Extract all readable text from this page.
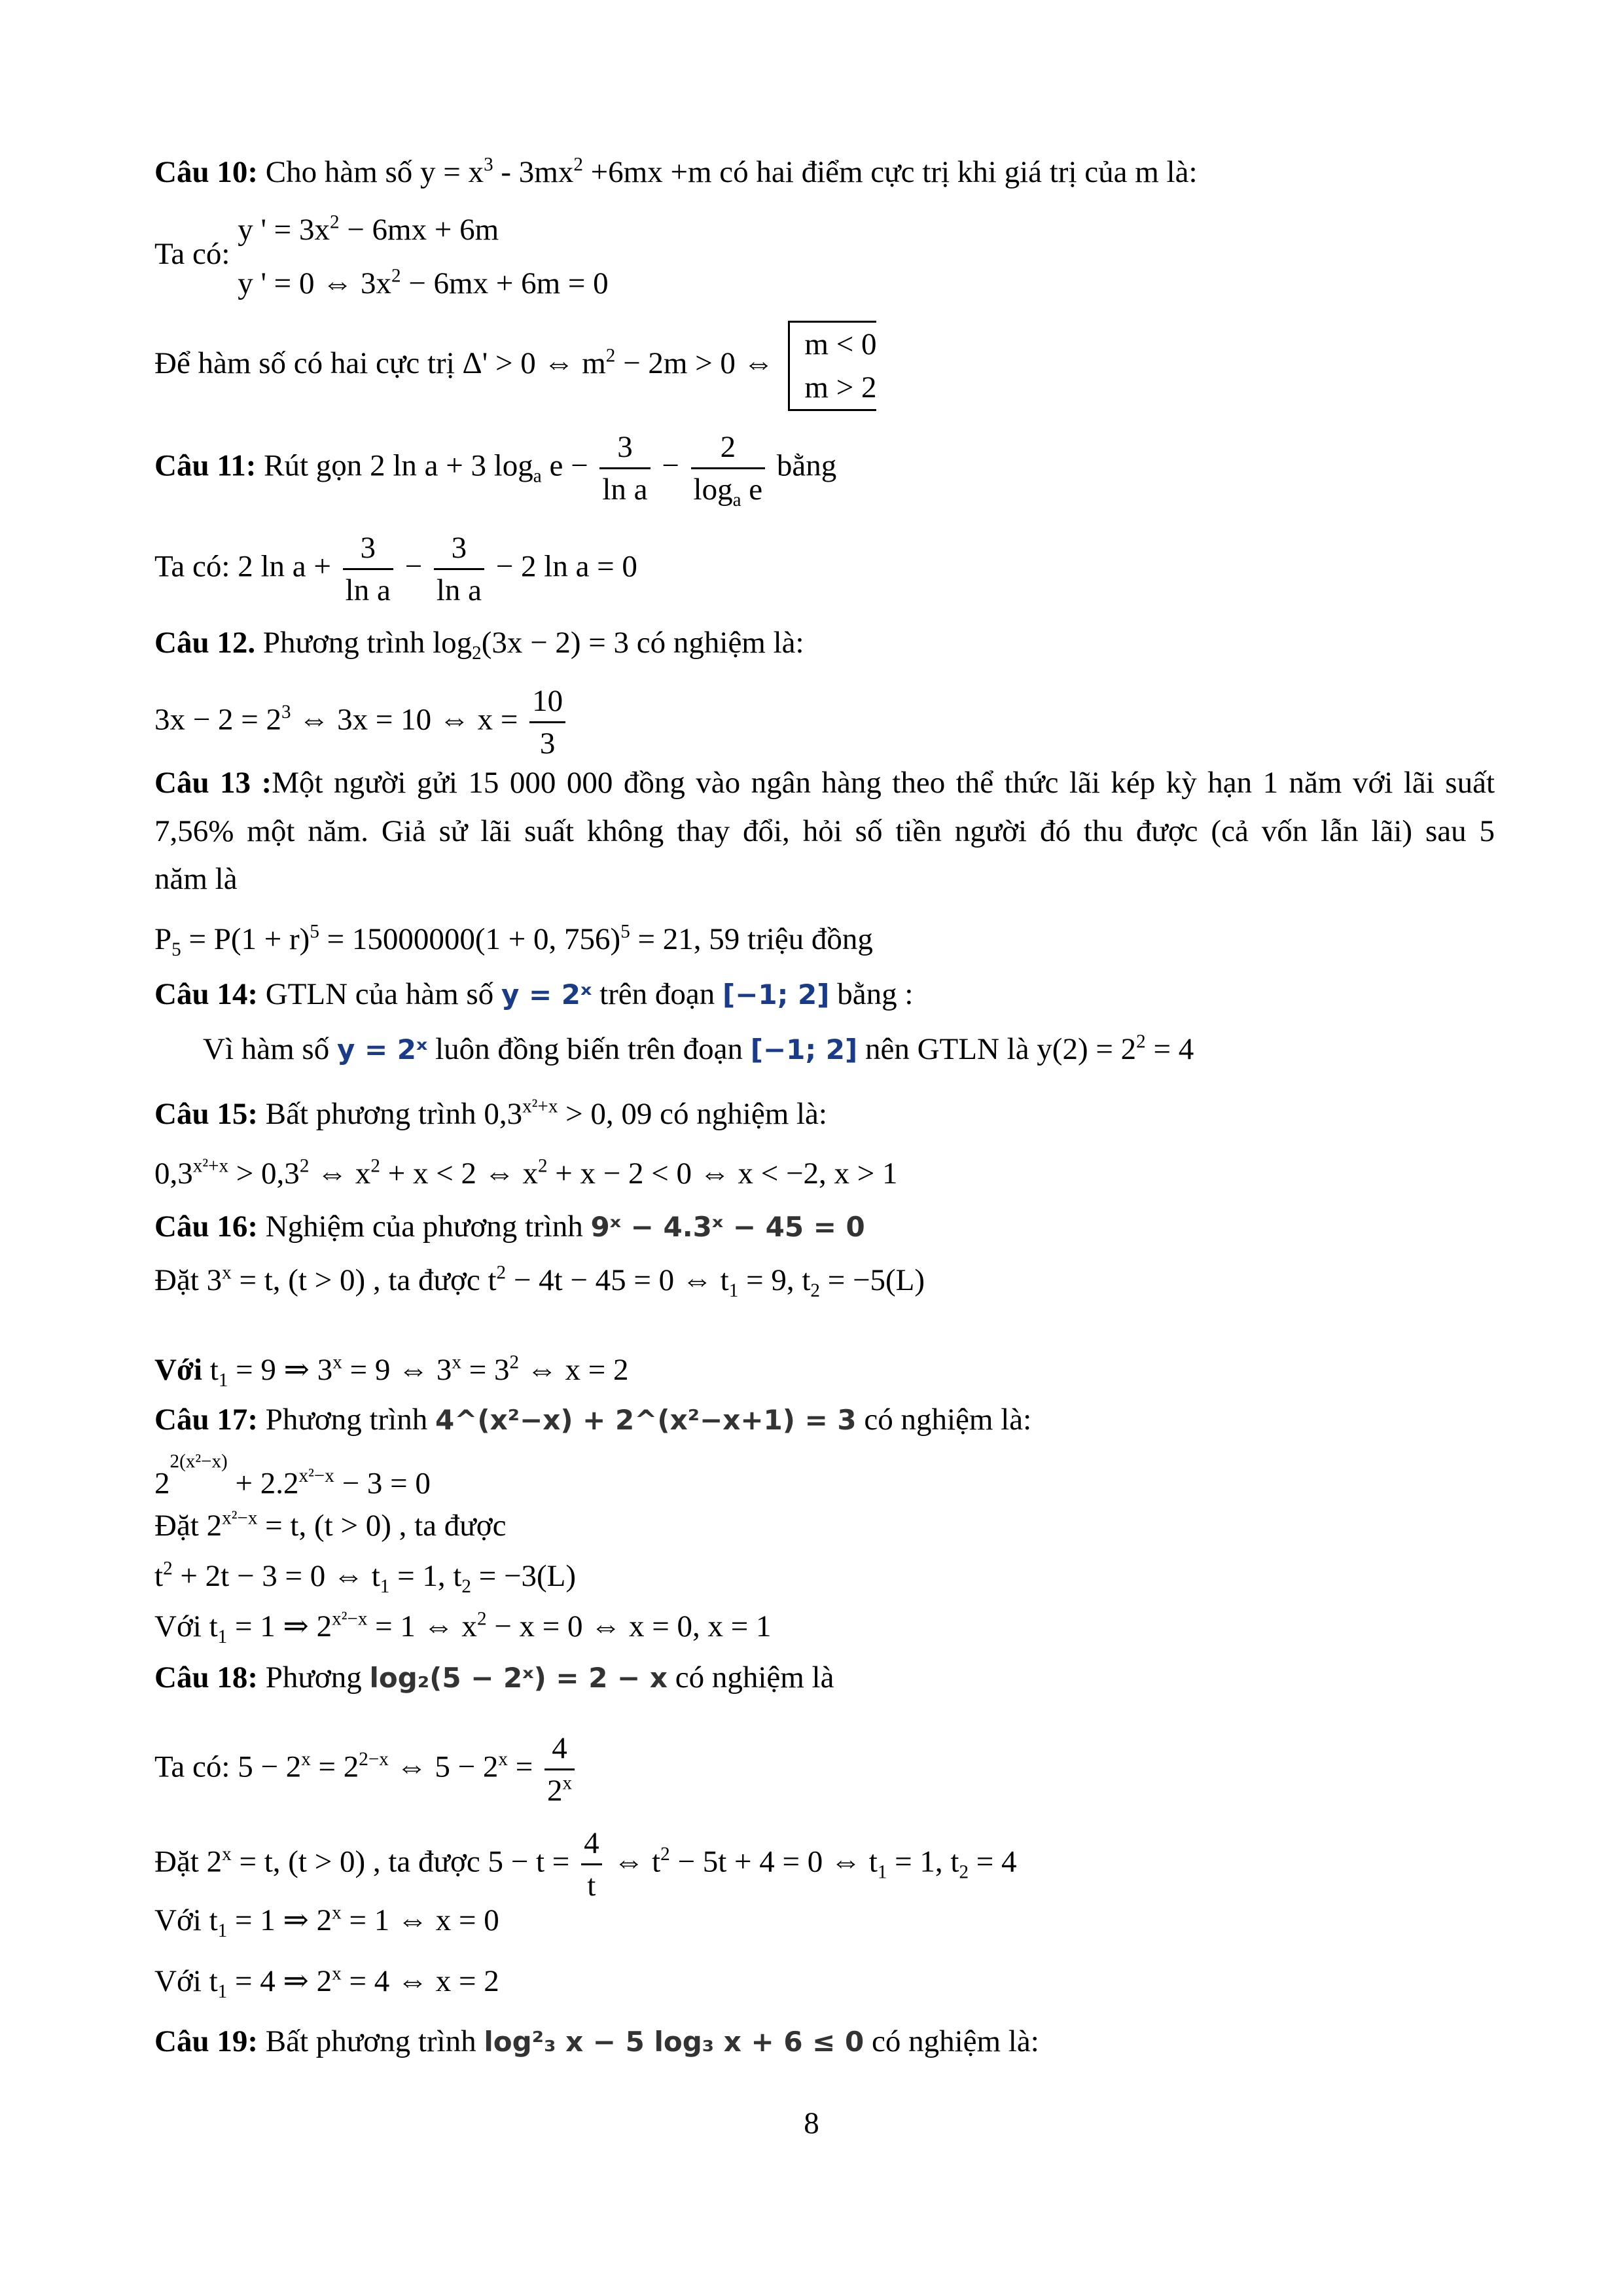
Câu 10: Cho hàm số $y = x^3 - 3mx^2 +6mx +m$ có hai điểm cực trị khi giá trị của m là:
Ta có:
y ' = $3x^2 - 6mx + 6m$
y ' = 0 ⇔ $3x^2 - 6mx + 6m = 0$
Để hàm số có hai cực trị Δ' > 0 ⇔ $m^2 - 2m > 0$ ⇔
m < 0
m > 2
Câu 11: Rút gọn 2 ln a + 3 $\log_a e - \frac{3}{\text{ln a}} - \frac{2}{\log_a e}$ bằng
Ta có: 2 $\ln a + \frac{3}{\text{ln a}} - \frac{3}{\text{ln a}} - 2$ ln a = 0
Câu 12. Phương trình $\log_2(3x - 2) = 3$ có nghiệm là:
$3x - 2 = 2^3$ ⇔ 3x = 10 ⇔ $x = \frac{10}{3}$
Câu 13 :Một người gửi 15 000 000 đồng vào ngân hàng theo thể thức lãi kép kỳ hạn 1 năm với lãi suất
7,56% một năm. Giả sử lãi suất không thay đổi, hỏi số tiền người đó thu được (cả vốn lẫn lãi) sau 5
năm là
$P_5 = P(1 + r)^5 = 15000000(1 + 0$, 756)$^5$ = 21, 59 triệu đồng
Câu 14: GTLN của hàm số y = 2ˣ trên đoạn [−1; 2] bằng :
Vì hàm số y = 2ˣ luôn đồng biến trên đoạn [−1; 2] nên GTLN là $y(2) = 2^2 = 4$
Câu 15: Bất phương trình $0,3^{x^2+x} > 0$, 09 có nghiệm là:
$0,3^{x^2+x} > 0,3^2$ ⇔ $x^2 + x < 2$ ⇔ $x^2 + x - 2 < 0$ ⇔ x < −2, x > 1
Câu 16: Nghiệm của phương trình 9ˣ − 4.3ˣ − 45 = 0
Đặt $3^x = t$, (t > 0) , ta được $t^2 - 4t - 45 = 0$ ⇔ $t_1 = 9$, $t_2 = -5(L)$
Với $t_1 = 9$ ⇒ $3^x = 9$ ⇔ $3^x = 3^2$ ⇔ x = 2
Câu 17: Phương trình 4^(x²−x) + 2^(x²−x+1) = 3 có nghiệm là:
$2^{2(x^2-x)} + 2.2^{x^2-x} - 3 = 0$
Đặt $2^{x^2-x} = t$, (t > 0) , ta được
$t^2 + 2t - 3 = 0$ ⇔ $t_1 = 1$, $t_2 = -3(L)$
Với $t_1 = 1$ ⇒ $2^{x^2-x} = 1$ ⇔ $x^2 - x = 0$ ⇔ x = 0, x = 1
Câu 18: Phương log₂(5 − 2ˣ) = 2 − x có nghiệm là
Ta có: $5 - 2^x = 2^{2-x}$ ⇔ $5 - 2^x = \frac{4}{2^x}$
Đặt $2^x = t$, (t > 0) , ta được $5 - t = \frac{4}{t}$ ⇔ $t^2 - 5t + 4 = 0$ ⇔ $t_1 = 1$, $t_2 = 4$
Với $t_1 = 1$ ⇒ $2^x = 1$ ⇔ x = 0
Với $t_1 = 4$ ⇒ $2^x = 4$ ⇔ x = 2
Câu 19: Bất phương trình log²₃ x − 5 log₃ x + 6 ≤ 0 có nghiệm là:
8
